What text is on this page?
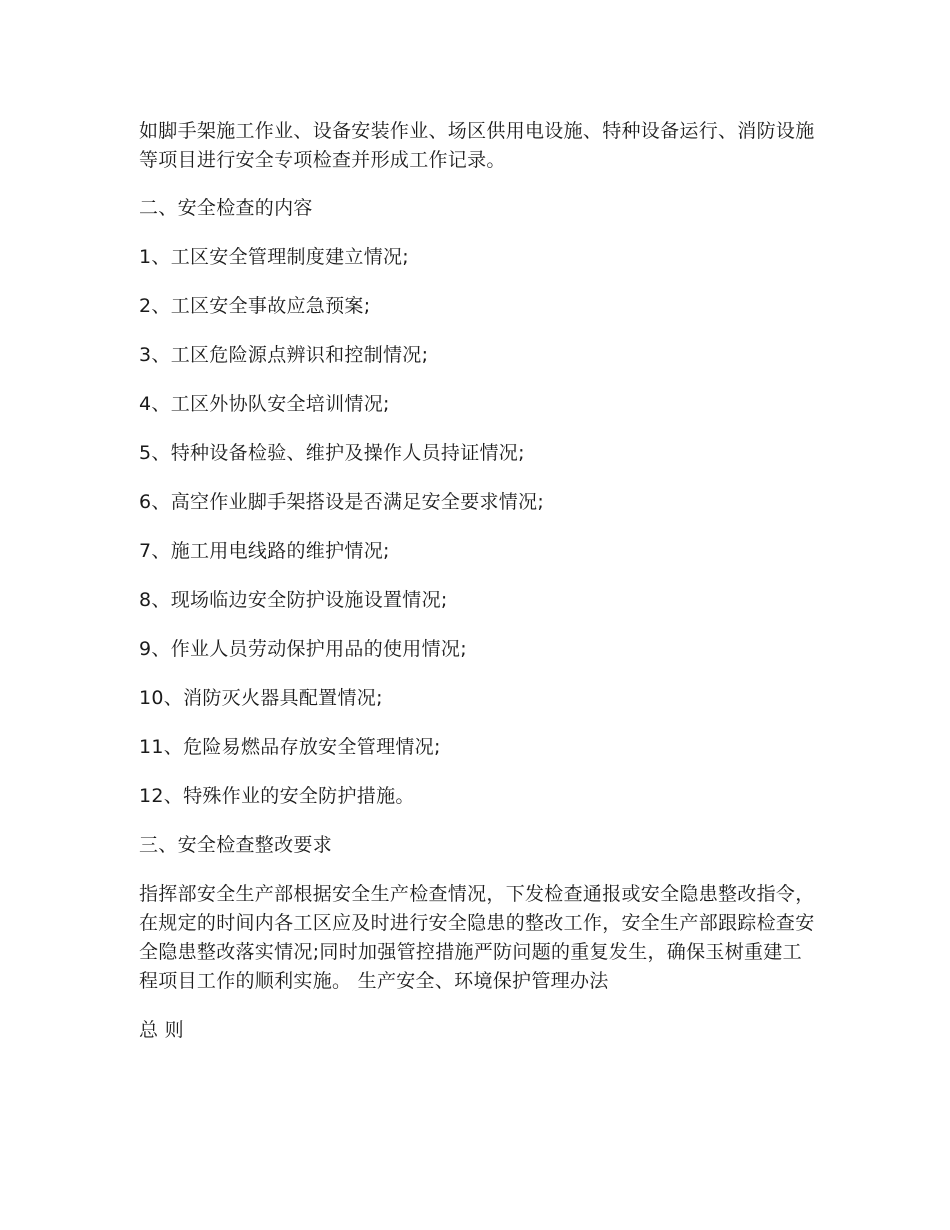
如脚手架施工作业、设备安装作业、场区供用电设施、特种设备运行、消防设施等项目进行安全专项检查并形成工作记录。

二、安全检查的内容

1、工区安全管理制度建立情况;

2、工区安全事故应急预案;

3、工区危险源点辨识和控制情况;

4、工区外协队安全培训情况;

5、特种设备检验、维护及操作人员持证情况;

6、高空作业脚手架搭设是否满足安全要求情况;

7、施工用电线路的维护情况;

8、现场临边安全防护设施设置情况;

9、作业人员劳动保护用品的使用情况;

10、消防灭火器具配置情况;

11、危险易燃品存放安全管理情况;

12、特殊作业的安全防护措施。

三、安全检查整改要求

指挥部安全生产部根据安全生产检查情况，下发检查通报或安全隐患整改指令，在规定的时间内各工区应及时进行安全隐患的整改工作，安全生产部跟踪检查安全隐患整改落实情况;同时加强管控措施严防问题的重复发生，确保玉树重建工程项目工作的顺利实施。 生产安全、环境保护管理办法

总 则
